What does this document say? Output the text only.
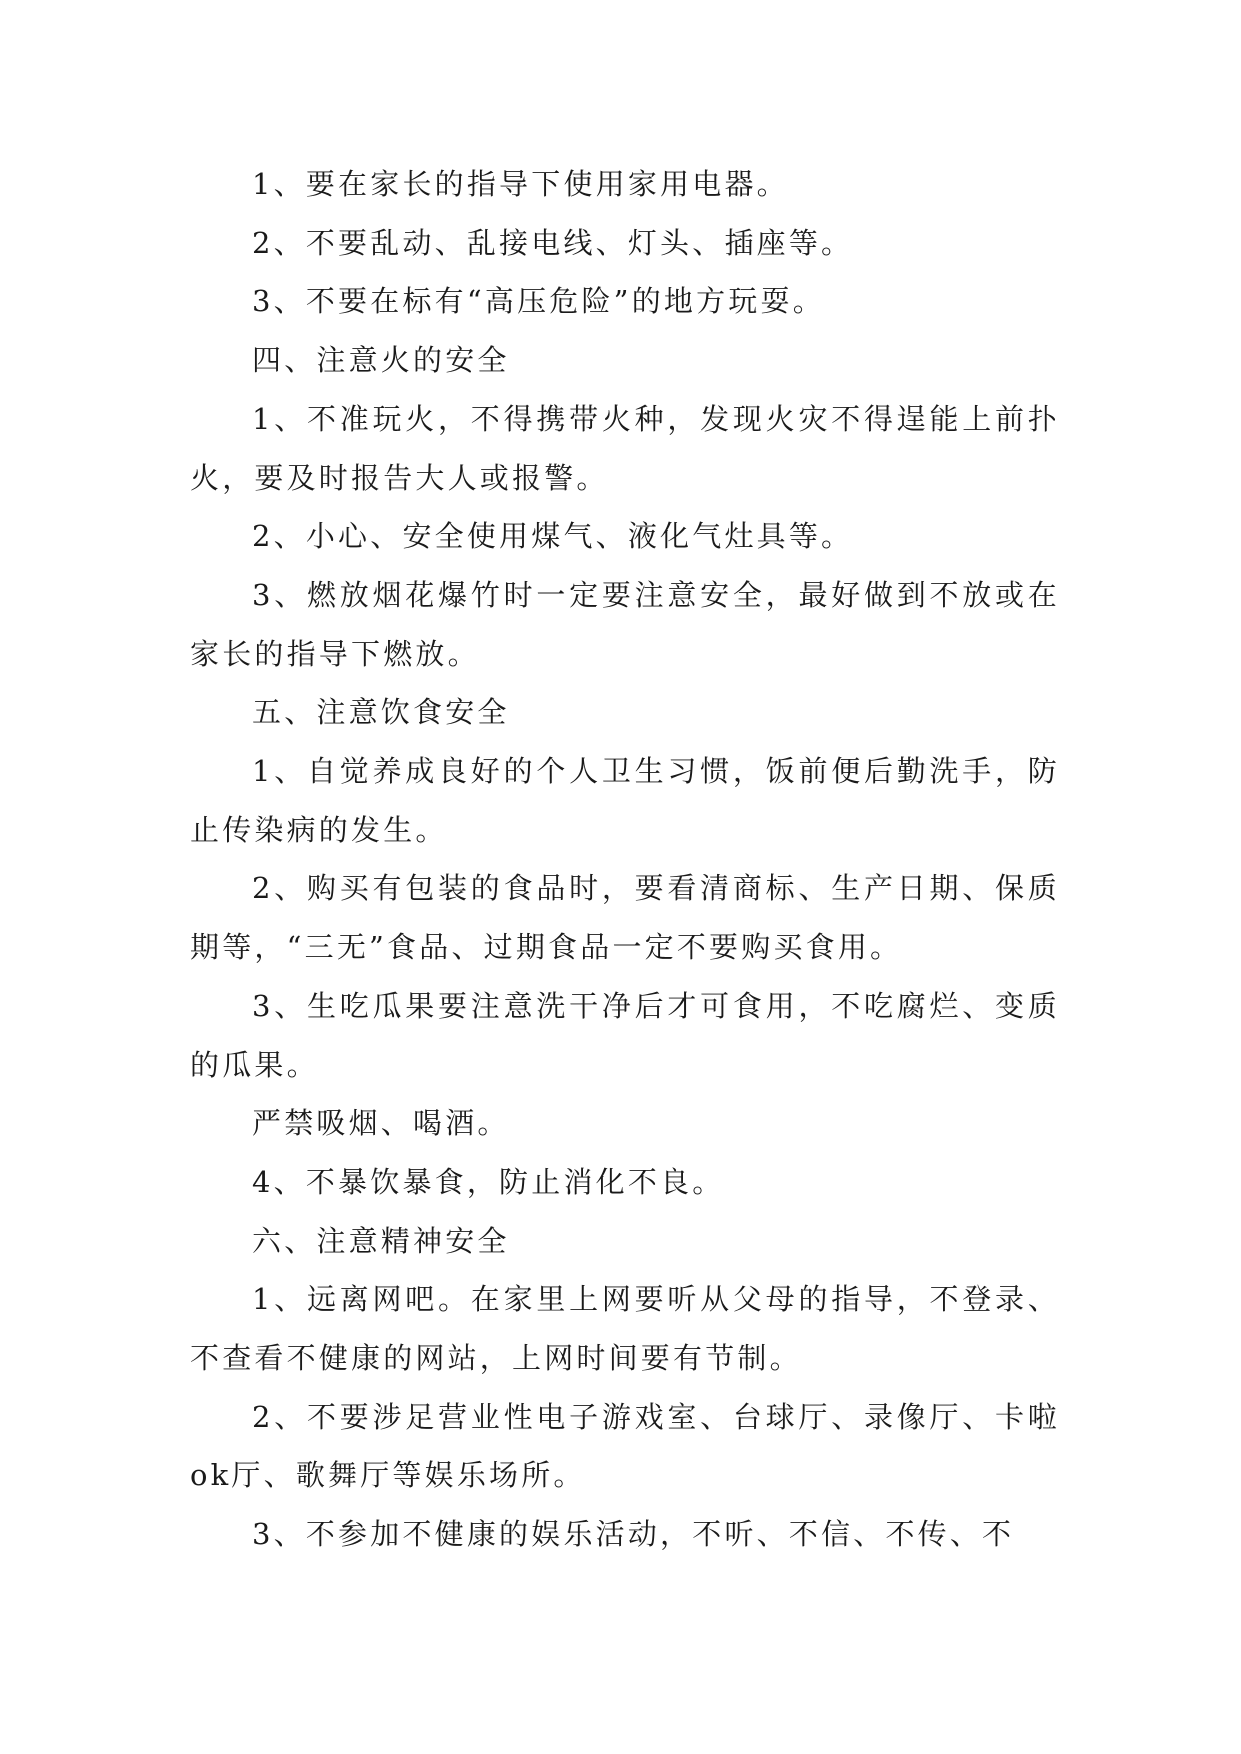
1、要在家长的指导下使用家用电器。

2、不要乱动、乱接电线、灯头、插座等。

3、不要在标有“高压危险”的地方玩耍。

四、注意火的安全

1、不准玩火，不得携带火种，发现火灾不得逞能上前扑火，要及时报告大人或报警。

2、小心、安全使用煤气、液化气灶具等。

3、燃放烟花爆竹时一定要注意安全，最好做到不放或在家长的指导下燃放。

五、注意饮食安全

1、自觉养成良好的个人卫生习惯，饭前便后勤洗手，防止传染病的发生。

2、购买有包装的食品时，要看清商标、生产日期、保质期等，“三无”食品、过期食品一定不要购买食用。

3、生吃瓜果要注意洗干净后才可食用，不吃腐烂、变质的瓜果。

严禁吸烟、喝酒。

4、不暴饮暴食，防止消化不良。

六、注意精神安全

1、远离网吧。在家里上网要听从父母的指导，不登录、不查看不健康的网站，上网时间要有节制。

2、不要涉足营业性电子游戏室、台球厅、录像厅、卡啦ok厅、歌舞厅等娱乐场所。

3、不参加不健康的娱乐活动，不听、不信、不传、不
